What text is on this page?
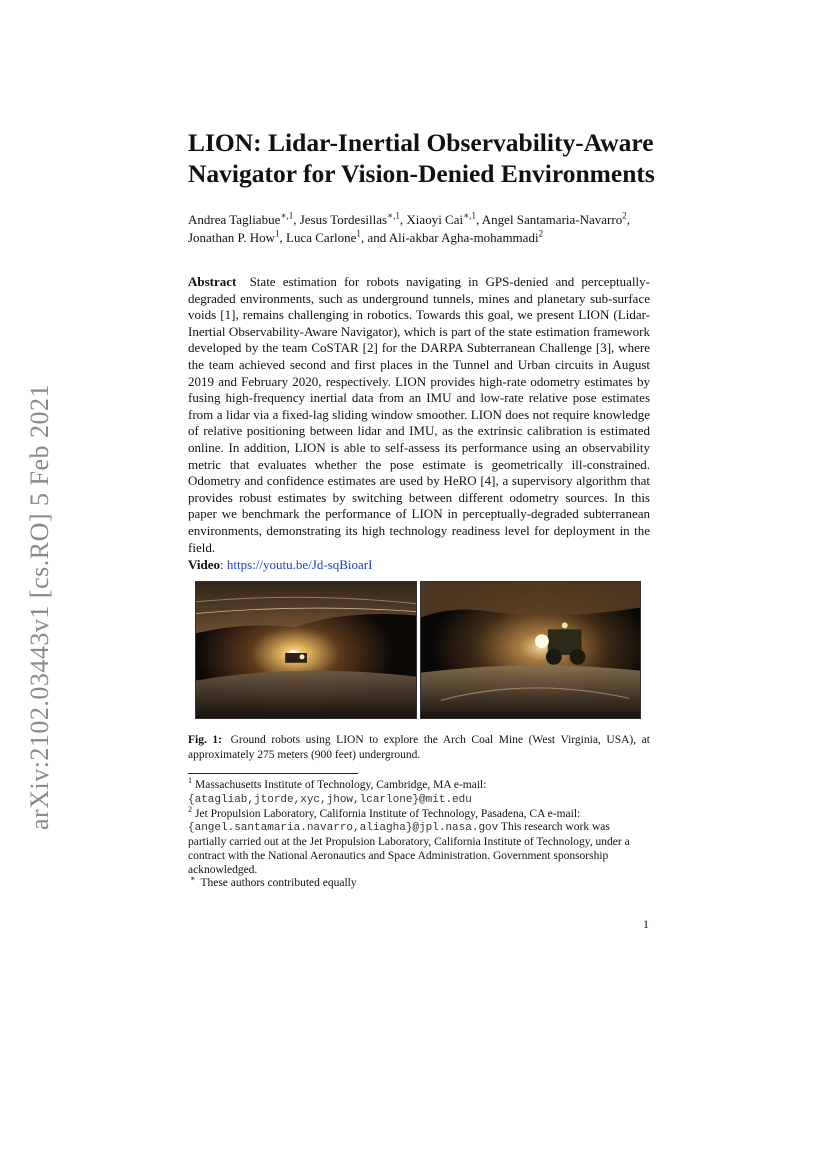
arXiv:2102.03443v1 [cs.RO] 5 Feb 2021
LION: Lidar-Inertial Observability-Aware Navigator for Vision-Denied Environments
Andrea Tagliabue$^{∗,1}$, Jesus Tordesillas$^{∗,1}$, Xiaoyi Cai$^{∗,1}$, Angel Santamaria-Navarro$^2$, Jonathan P. How$^1$, Luca Carlone$^1$, and Ali-akbar Agha-mohammadi$^2$

Abstract State estimation for robots navigating in GPS-denied and perceptually-degraded environments, such as underground tunnels, mines and planetary sub-surface voids [1], remains challenging in robotics. Towards this goal, we present LION (Lidar-Inertial Observability-Aware Navigator), which is part of the state estimation framework developed by the team CoSTAR [2] for the DARPA Subterranean Challenge [3], where the team achieved second and first places in the Tunnel and Urban circuits in August 2019 and February 2020, respectively. LION provides high-rate odometry estimates by fusing high-frequency inertial data from an IMU and low-rate relative pose estimates from a lidar via a fixed-lag sliding window smoother. LION does not require knowledge of relative positioning between lidar and IMU, as the extrinsic calibration is estimated online. In addition, LION is able to self-assess its performance using an observability metric that evaluates whether the pose estimate is geometrically ill-constrained. Odometry and confidence estimates are used by HeRO [4], a supervisory algorithm that provides robust estimates by switching between different odometry sources. In this paper we benchmark the performance of LION in perceptually-degraded subterranean environments, demonstrating its high technology readiness level for deployment in the field.

Video: https://youtu.be/Jd-sqBioarI
Fig. 1: Ground robots using LION to explore the Arch Coal Mine (West Virginia, USA), at approximately 275 meters (900 feet) underground.

$^1$ Massachusetts Institute of Technology, Cambridge, MA e-mail: {atagliab,jtorde,xyc,jhow,lcarlone}@mit.edu

$^2$ Jet Propulsion Laboratory, California Institute of Technology, Pasadena, CA e-mail: {angel.santamaria.navarro,aliagha}@jpl.nasa.gov This research work was partially carried out at the Jet Propulsion Laboratory, California Institute of Technology, under a contract with the National Aeronautics and Space Administration. Government sponsorship acknowledged.

∗ These authors contributed equally
1
